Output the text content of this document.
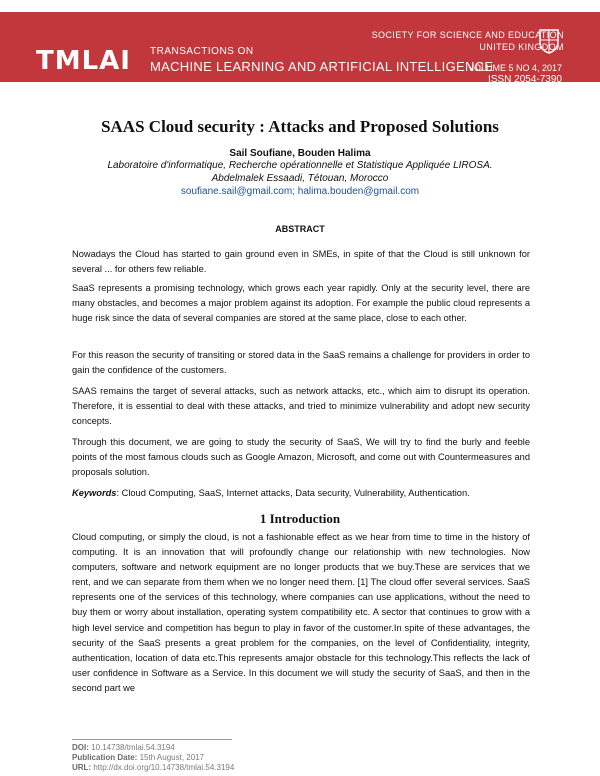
TMLAI TRANSACTIONS ON
MACHINE LEARNING AND ARTIFICIAL INTELLIGENCE
SOCIETY FOR SCIENCE AND EDUCATION
UNITED KINGDOM
VOLUME 5 NO 4, 2017
ISSN 2054-7390
SAAS Cloud security : Attacks and Proposed Solutions
Sail Soufiane, Bouden Halima
Laboratoire d'informatique, Recherche opérationnelle et Statistique Appliquée LIROSA.
Abdelmalek Essaadi, Tétouan, Morocco
soufiane.sail@gmail.com; halima.bouden@gmail.com
ABSTRACT

Nowadays the Cloud has started to gain ground even in SMEs, in spite of that the Cloud is still unknown for several ... for others few reliable.

SaaS represents a promising technology, which grows each year rapidly. Only at the security level, there are many obstacles, and becomes a major problem against its adoption. For example the public cloud represents a huge risk since the data of several companies are stored at the same place, close to each other.

For this reason the security of transiting or stored data in the SaaS remains a challenge for providers in order to gain the confidence of the customers.

SAAS remains the target of several attacks, such as network attacks, etc., which aim to disrupt its operation. Therefore, it is essential to deal with these attacks, and tried to minimize vulnerability and adopt new security concepts.

Through this document, we are going to study the security of SaaS, We will try to find the burly and feeble points of the most famous clouds such as Google Amazon, Microsoft, and come out with Countermeasures and proposals solution.

Keywords: Cloud Computing, SaaS, Internet attacks, Data security, Vulnerability, Authentication.

1 Introduction

Cloud computing, or simply the cloud, is not a fashionable effect as we hear from time to time in the history of computing. It is an innovation that will profoundly change our relationship with new technologies. Now computers, software and network equipment are no longer products that we buy.These are services that we rent, and we can separate from them when we no longer need them. [1] The cloud offer several services. SaaS represents one of the services of this technology, where companies can use applications, without the need to buy them or worry about installation, operating system compatibility etc. A sector that continues to grow with a high level service and competition has begun to play in favor of the customer.In spite of these advantages, the security of the SaaS presents a great problem for the companies, on the level of Confidentiality, integrity, authentication, location of data etc.This represents amajor obstacle for this technology.This reflects the lack of user confidence in Software as a Service. In this document we will study the security of SaaS, and then in the second part we

DOI: 10.14738/tmlai.54.3194
Publication Date: 15th August, 2017
URL: http://dx.doi.org/10.14738/tmlai.54.3194
